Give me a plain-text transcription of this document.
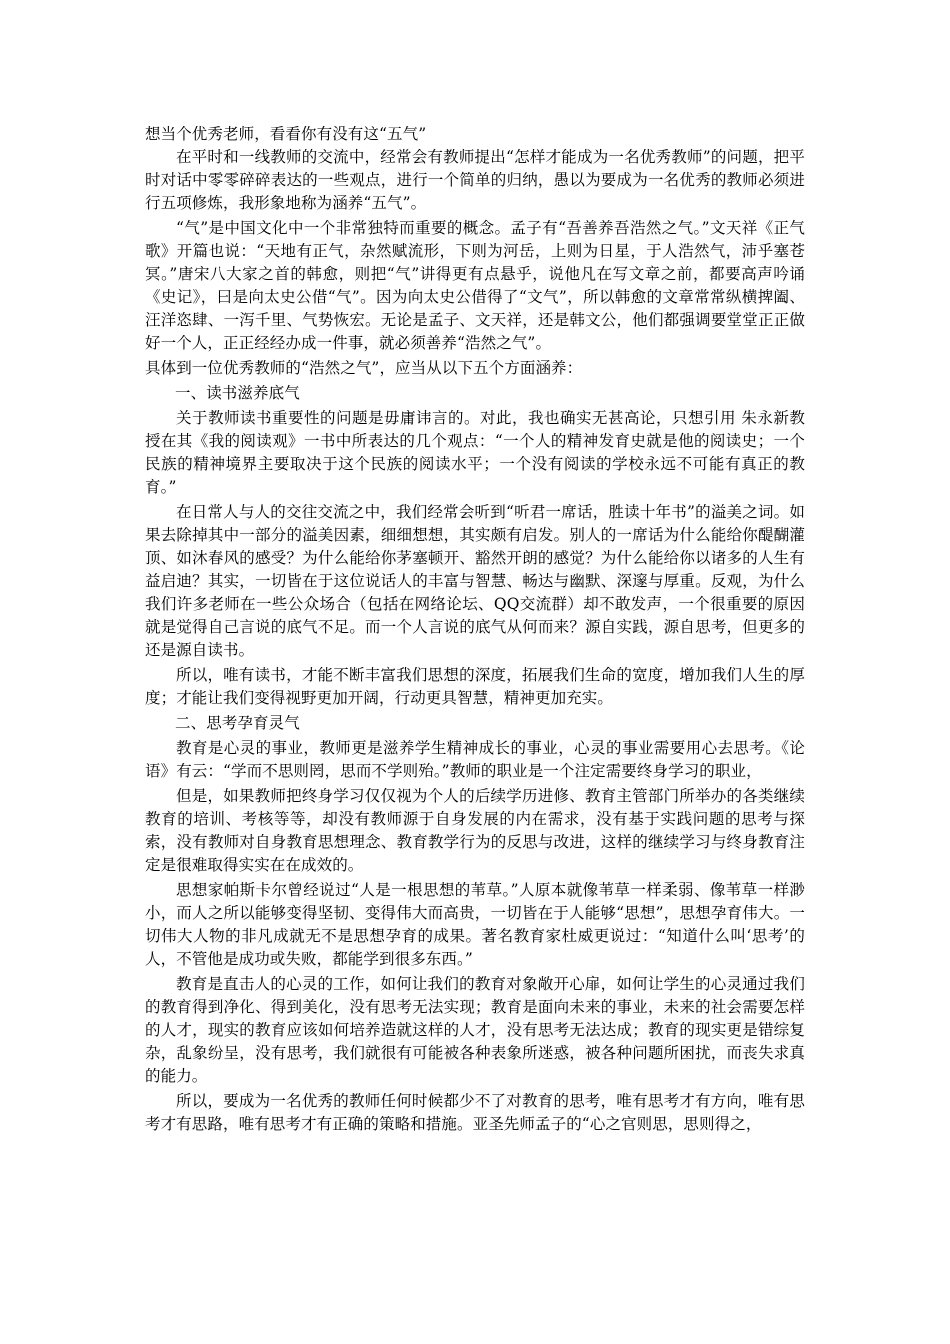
想当个优秀老师，看看你有没有这“五气”

在平时和一线教师的交流中，经常会有教师提出“怎样才能成为一名优秀教师”的问题，把平时对话中零零碎碎表达的一些观点，进行一个简单的归纳，愚以为要成为一名优秀的教师必须进行五项修炼，我形象地称为涵养“五气”。

“气”是中国文化中一个非常独特而重要的概念。孟子有“吾善养吾浩然之气。”文天祥《正气歌》开篇也说：“天地有正气，杂然赋流形，下则为河岳，上则为日星，于人浩然气，沛乎塞苍冥。”唐宋八大家之首的韩愈，则把“气”讲得更有点悬乎，说他凡在写文章之前，都要高声吟诵《史记》，曰是向太史公借“气”。因为向太史公借得了“文气”，所以韩愈的文章常常纵横捭阖、汪洋恣肆、一泻千里、气势恢宏。无论是孟子、文天祥，还是韩文公，他们都强调要堂堂正正做好一个人，正正经经办成一件事，就必须善养“浩然之气”。

具体到一位优秀教师的“浩然之气”，应当从以下五个方面涵养：

一、读书滋养底气

关于教师读书重要性的问题是毋庸讳言的。对此，我也确实无甚高论，只想引用 朱永新教授在其《我的阅读观》一书中所表达的几个观点：“一个人的精神发育史就是他的阅读史；一个民族的精神境界主要取决于这个民族的阅读水平；一个没有阅读的学校永远不可能有真正的教育。”

在日常人与人的交往交流之中，我们经常会听到“听君一席话，胜读十年书”的溢美之词。如果去除掉其中一部分的溢美因素，细细想想，其实颇有启发。别人的一席话为什么能给你醍醐灌顶、如沐春风的感受？为什么能给你茅塞顿开、豁然开朗的感觉？为什么能给你以诸多的人生有益启迪？其实，一切皆在于这位说话人的丰富与智慧、畅达与幽默、深邃与厚重。反观，为什么我们许多老师在一些公众场合（包括在网络论坛、QQ交流群）却不敢发声，一个很重要的原因就是觉得自己言说的底气不足。而一个人言说的底气从何而来？源自实践，源自思考，但更多的还是源自读书。

所以，唯有读书，才能不断丰富我们思想的深度，拓展我们生命的宽度，增加我们人生的厚度；才能让我们变得视野更加开阔，行动更具智慧，精神更加充实。

二、思考孕育灵气

教育是心灵的事业，教师更是滋养学生精神成长的事业，心灵的事业需要用心去思考。《论语》有云：“学而不思则罔，思而不学则殆。”教师的职业是一个注定需要终身学习的职业，

但是，如果教师把终身学习仅仅视为个人的后续学历进修、教育主管部门所举办的各类继续教育的培训、考核等等，却没有教师源于自身发展的内在需求，没有基于实践问题的思考与探索，没有教师对自身教育思想理念、教育教学行为的反思与改进，这样的继续学习与终身教育注定是很难取得实实在在成效的。

思想家帕斯卡尔曾经说过“人是一根思想的苇草。”人原本就像苇草一样柔弱、像苇草一样渺小，而人之所以能够变得坚韧、变得伟大而高贵，一切皆在于人能够“思想”，思想孕育伟大。一切伟大人物的非凡成就无不是思想孕育的成果。著名教育家杜威更说过：“知道什么叫‘思考’的人，不管他是成功或失败，都能学到很多东西。”

教育是直击人的心灵的工作，如何让我们的教育对象敞开心扉，如何让学生的心灵通过我们的教育得到净化、得到美化，没有思考无法实现；教育是面向未来的事业，未来的社会需要怎样的人才，现实的教育应该如何培养造就这样的人才，没有思考无法达成；教育的现实更是错综复杂，乱象纷呈，没有思考，我们就很有可能被各种表象所迷惑，被各种问题所困扰，而丧失求真的能力。

所以，要成为一名优秀的教师任何时候都少不了对教育的思考，唯有思考才有方向，唯有思考才有思路，唯有思考才有正确的策略和措施。亚圣先师孟子的“心之官则思，思则得之，
